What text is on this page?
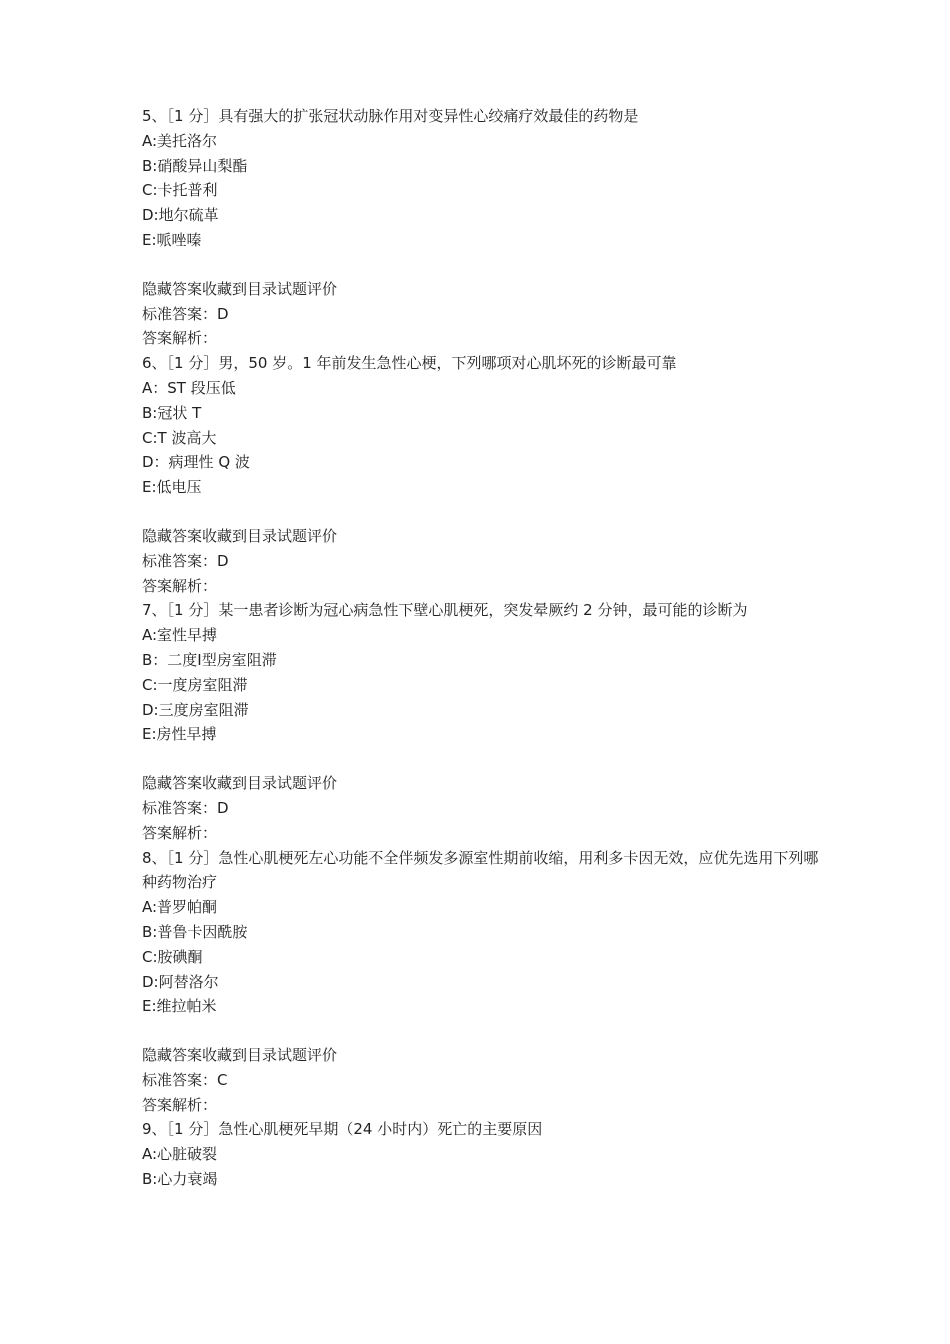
5、［1 分］具有强大的扩张冠状动脉作用对变异性心绞痛疗效最佳的药物是
A:美托洛尔
B:硝酸异山梨酯
C:卡托普利
D:地尔硫革
E:哌唑嗪
隐藏答案收藏到目录试题评价
标准答案：D
答案解析：
6、［1 分］男，50 岁。1 年前发生急性心梗，下列哪项对心肌坏死的诊断最可靠
A：ST 段压低
B:冠状 T
C:T 波高大
D：病理性 Q 波
E:低电压
隐藏答案收藏到目录试题评价
标准答案：D
答案解析：
7、［1 分］某一患者诊断为冠心病急性下壁心肌梗死，突发晕厥约 2 分钟，最可能的诊断为
A:室性早搏
B：二度Ⅰ型房室阻滞
C:一度房室阻滞
D:三度房室阻滞
E:房性早搏
隐藏答案收藏到目录试题评价
标准答案：D
答案解析：
8、［1 分］急性心肌梗死左心功能不全伴频发多源室性期前收缩，用利多卡因无效，应优先选用下列哪种药物治疗
A:普罗帕酮
B:普鲁卡因酰胺
C:胺碘酮
D:阿替洛尔
E:维拉帕米
隐藏答案收藏到目录试题评价
标准答案：C
答案解析：
9、［1 分］急性心肌梗死早期（24 小时内）死亡的主要原因
A:心脏破裂
B:心力衰竭
